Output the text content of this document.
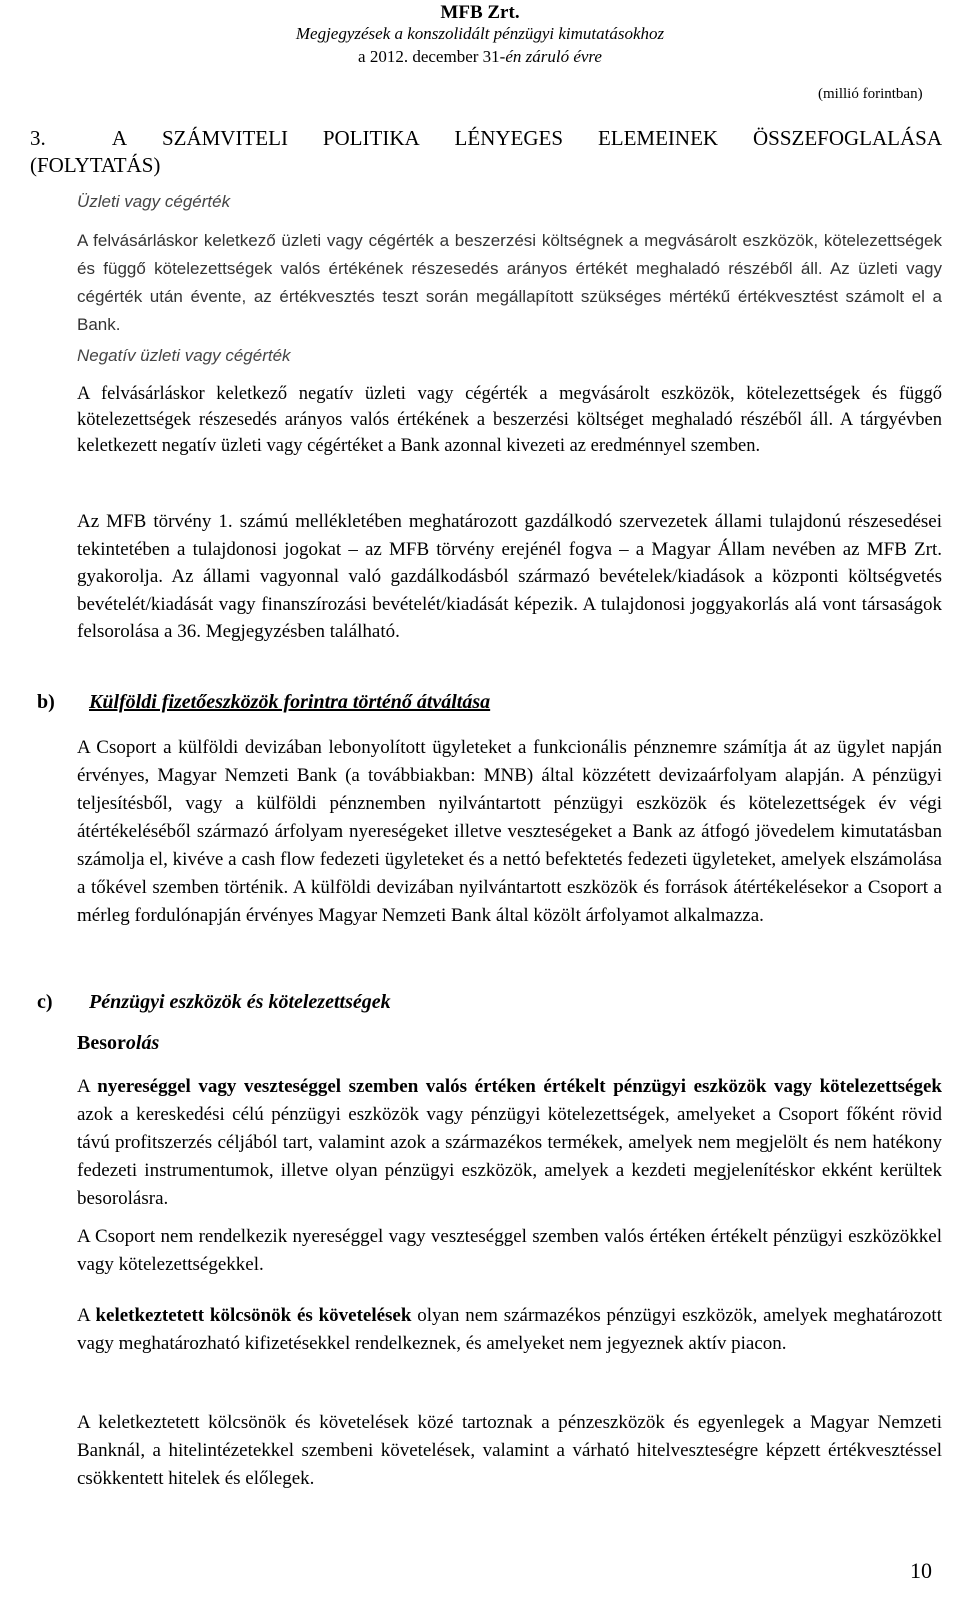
MFB Zrt.
Megjegyzések a konszolidált pénzügyi kimutatásokhoz
a 2012. december 31-én záruló évre
(millió forintban)
3.	A SZÁMVITELI POLITIKA LÉNYEGES ELEMEINEK ÖSSZEFOGLALÁSA
(FOLYTATÁS)
Üzleti vagy cégérték

A felvásárláskor keletkező üzleti vagy cégérték a beszerzési költségnek a megvásárolt eszközök, kötelezettségek és függő kötelezettségek valós értékének részesedés arányos értékét meghaladó részéből áll. Az üzleti vagy cégérték után évente, az értékvesztés teszt során megállapított szükséges mértékű értékvesztést számolt el a Bank.

Negatív üzleti vagy cégérték

A felvásárláskor keletkező negatív üzleti vagy cégérték a megvásárolt eszközök, kötelezettségek és függő kötelezettségek részesedés arányos valós értékének a beszerzési költséget meghaladó részéből áll. A tárgyévben keletkezett negatív üzleti vagy cégértéket a Bank azonnal kivezeti az eredménnyel szemben.

Az MFB törvény 1. számú mellékletében meghatározott gazdálkodó szervezetek állami tulajdonú részesedései tekintetében a tulajdonosi jogokat – az MFB törvény erejénél fogva – a Magyar Állam nevében az MFB Zrt. gyakorolja. Az állami vagyonnal való gazdálkodásból származó bevételek/kiadások a központi költségvetés bevételét/kiadását vagy finanszírozási bevételét/kiadását képezik. A tulajdonosi joggyakorlás alá vont társaságok felsorolása a 36. Megjegyzésben található.

b) Külföldi fizetőeszközök forintra történő átváltása

A Csoport a külföldi devizában lebonyolított ügyleteket a funkcionális pénznemre számítja át az ügylet napján érvényes, Magyar Nemzeti Bank (a továbbiakban: MNB) által közzétett devizaárfolyam alapján. A pénzügyi teljesítésből, vagy a külföldi pénznemben nyilvántartott pénzügyi eszközök és kötelezettségek év végi átértékeléséből származó árfolyam nyereségeket illetve veszteségeket a Bank az átfogó jövedelem kimutatásban számolja el, kivéve a cash flow fedezeti ügyleteket és a nettó befektetés fedezeti ügyleteket, amelyek elszámolása a tőkével szemben történik. A külföldi devizában nyilvántartott eszközök és források átértékelésekor a Csoport a mérleg fordulónapján érvényes Magyar Nemzeti Bank által közölt árfolyamot alkalmazza.

c) Pénzügyi eszközök és kötelezettségek
Besorolás

A nyereséggel vagy veszteséggel szemben valós értéken értékelt pénzügyi eszközök vagy kötelezettségek azok a kereskedési célú pénzügyi eszközök vagy pénzügyi kötelezettségek, amelyeket a Csoport főként rövid távú profitszerzés céljából tart, valamint azok a származékos termékek, amelyek nem megjelölt és nem hatékony fedezeti instrumentumok, illetve olyan pénzügyi eszközök, amelyek a kezdeti megjelenítéskor ekként kerültek besorolásra.

A Csoport nem rendelkezik nyereséggel vagy veszteséggel szemben valós értéken értékelt pénzügyi eszközökkel vagy kötelezettségekkel.

A keletkeztetett kölcsönök és követelések olyan nem származékos pénzügyi eszközök, amelyek meghatározott vagy meghatározható kifizetésekkel rendelkeznek, és amelyeket nem jegyeznek aktív piacon.

A keletkeztetett kölcsönök és követelések közé tartoznak a pénzeszközök és egyenlegek a Magyar Nemzeti Banknál, a hitelintézetekkel szembeni követelések, valamint a várható hitelveszteségre képzett értékvesztéssel csökkentett hitelek és előlegek.

10
